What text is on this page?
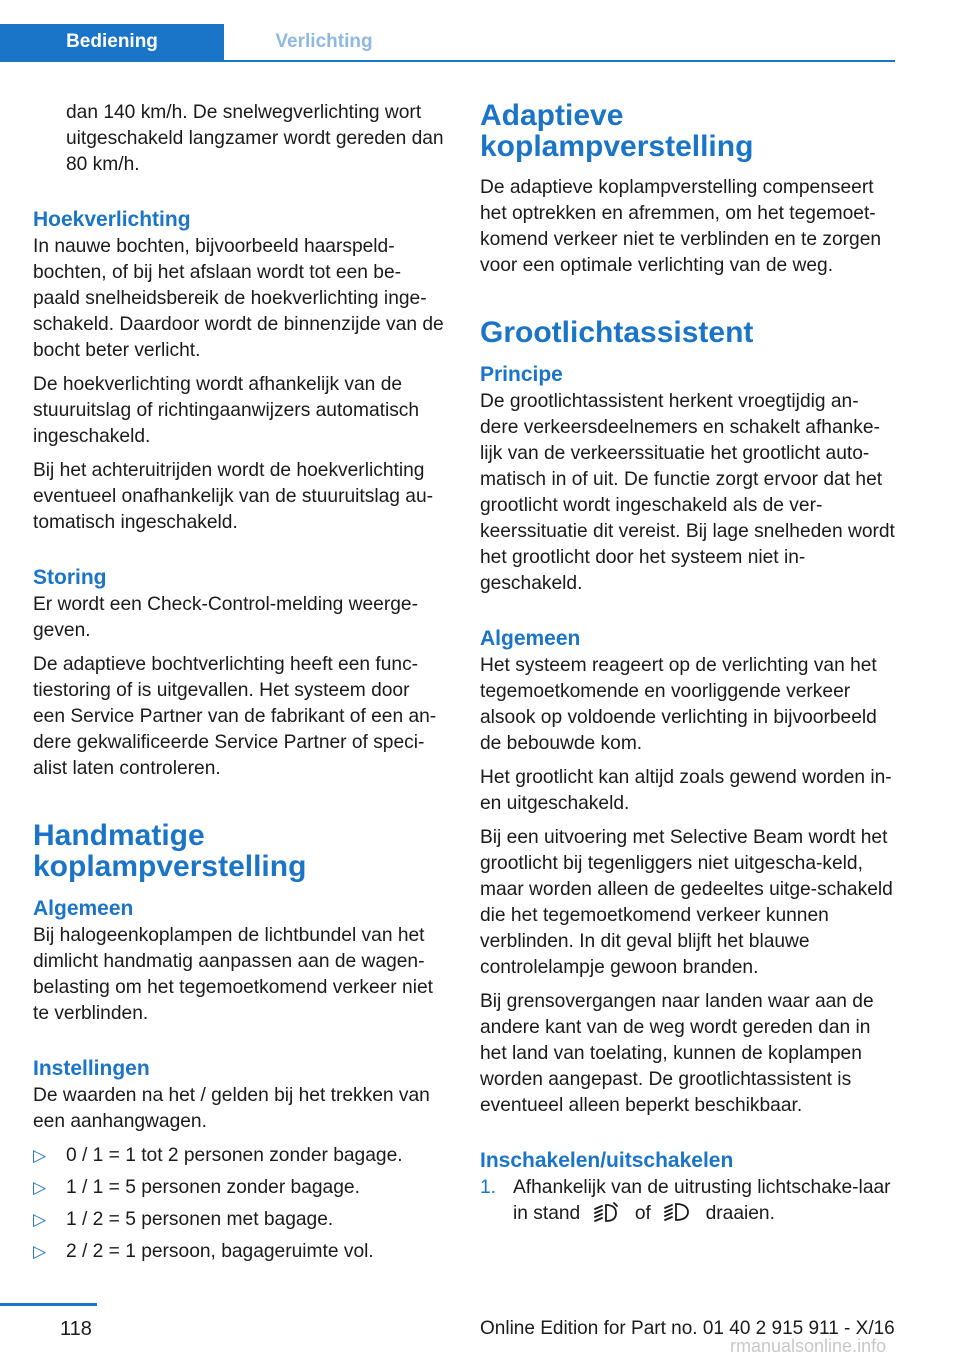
Bediening	Verlichting

dan 140 km/h. De snelwegverlichting wort uitgeschakeld langzamer wordt gereden dan 80 km/h.

Hoekverlichting

In nauwe bochten, bijvoorbeeld haarspeld-bochten, of bij het afslaan wordt tot een be-paald snelheidsbereik de hoekverlichting inge-schakeld. Daardoor wordt de binnenzijde van de bocht beter verlicht.

De hoekverlichting wordt afhankelijk van de stuuruitslag of richtingaanwijzers automatisch ingeschakeld.

Bij het achteruitrijden wordt de hoekverlichting eventueel onafhankelijk van de stuuruitslag au-tomatisch ingeschakeld.

Storing

Er wordt een Check-Control-melding weerge-geven.

De adaptieve bochtverlichting heeft een func-tiestoring of is uitgevallen. Het systeem door een Service Partner van de fabrikant of een an-dere gekwalificeerde Service Partner of speci-alist laten controleren.

Handmatige koplampverstelling
Algemeen

Bij halogeenkoplampen de lichtbundel van het dimlicht handmatig aanpassen aan de wagen-belasting om het tegemoetkomend verkeer niet te verblinden.

Instellingen

De waarden na het / gelden bij het trekken van een aanhangwagen.

▷ 0 / 1 = 1 tot 2 personen zonder bagage.
▷ 1 / 1 = 5 personen zonder bagage.
▷ 1 / 2 = 5 personen met bagage.
▷ 2 / 2 = 1 persoon, bagageruimte vol.
Adaptieve koplampverstelling

De adaptieve koplampverstelling compenseert het optrekken en afremmen, om het tegemoet-komend verkeer niet te verblinden en te zorgen voor een optimale verlichting van de weg.

Grootlichtassistent
Principe

De grootlichtassistent herkent vroegtijdig an-dere verkeersdeelnemers en schakelt afhanke-lijk van de verkeerssituatie het grootlicht auto-matisch in of uit. De functie zorgt ervoor dat het grootlicht wordt ingeschakeld als de ver-keerssituatie dit vereist. Bij lage snelheden wordt het grootlicht door het systeem niet in-geschakeld.

Algemeen

Het systeem reageert op de verlichting van het tegemoetkomende en voorliggende verkeer alsook op voldoende verlichting in bijvoorbeeld de bebouwde kom.

Het grootlicht kan altijd zoals gewend worden in- en uitgeschakeld.

Bij een uitvoering met Selective Beam wordt het grootlicht bij tegenliggers niet uitgescha-keld, maar worden alleen de gedeeltes uitge-schakeld die het tegemoetkomend verkeer kunnen verblinden. In dit geval blijft het blauwe controlelampje gewoon branden.

Bij grensovergangen naar landen waar aan de andere kant van de weg wordt gereden dan in het land van toelating, kunnen de koplampen worden aangepast. De grootlichtassistent is eventueel alleen beperkt beschikbaar.

Inschakelen/uitschakelen
1. Afhankelijk van de uitrusting lichtschake-laar in stand	of	draaien.
118	Online Edition for Part no. 01 40 2 915 911 - X/16
rmanualsonline.info
